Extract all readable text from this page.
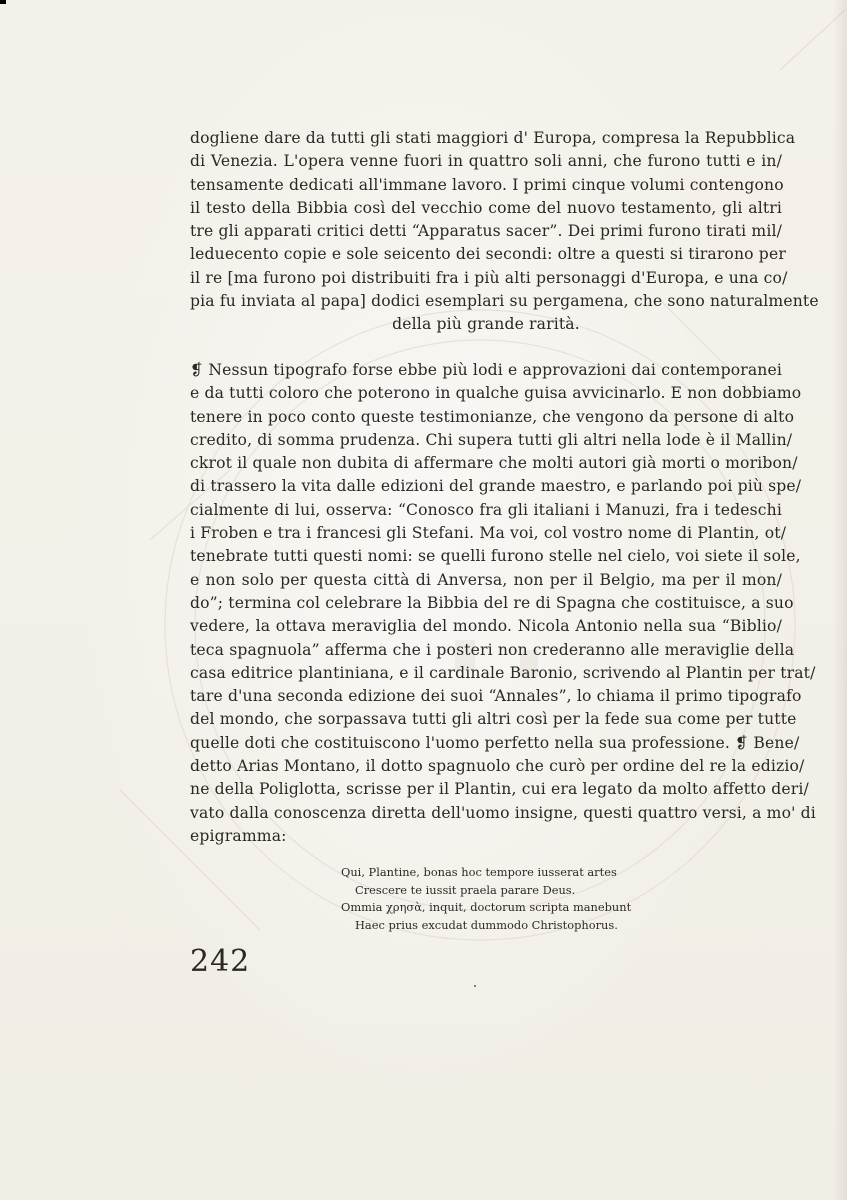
dogliene dare da tutti gli stati maggiori d' Europa, compresa la Repubblica
di Venezia. L'opera venne fuori in quattro soli anni, che furono tutti e in/
tensamente dedicati all'immane lavoro. I primi cinque volumi contengono
il testo della Bibbia così del vecchio come del nuovo testamento, gli altri
tre gli apparati critici detti “Apparatus sacer”. Dei primi furono tirati mil/
leduecento copie e sole seicento dei secondi: oltre a questi si tirarono per
il re [ma furono poi distribuiti fra i più alti personaggi d'Europa, e una co/
pia fu inviata al papa] dodici esemplari su pergamena, che sono naturalmente
della più grande rarità.
❡ Nessun tipografo forse ebbe più lodi e approvazioni dai contemporanei
e da tutti coloro che poterono in qualche guisa avvicinarlo. E non dobbiamo
tenere in poco conto queste testimonianze, che vengono da persone di alto
credito, di somma prudenza. Chi supera tutti gli altri nella lode è il Mallin/
ckrot il quale non dubita di affermare che molti autori già morti o moribon/
di trassero la vita dalle edizioni del grande maestro, e parlando poi più spe/
cialmente di lui, osserva: “Conosco fra gli italiani i Manuzi, fra i tedeschi
i Froben e tra i francesi gli Stefani. Ma voi, col vostro nome di Plantin, ot/
tenebrate tutti questi nomi: se quelli furono stelle nel cielo, voi siete il sole,
e non solo per questa città di Anversa, non per il Belgio, ma per il mon/
do”; termina col celebrare la Bibbia del re di Spagna che costituisce, a suo
vedere, la ottava meraviglia del mondo. Nicola Antonio nella sua “Biblio/
teca spagnuola” afferma che i posteri non crederanno alle meraviglie della
casa editrice plantiniana, e il cardinale Baronio, scrivendo al Plantin per trat/
tare d'una seconda edizione dei suoi “Annales”, lo chiama il primo tipografo
del mondo, che sorpassava tutti gli altri così per la fede sua come per tutte
quelle doti che costituiscono l'uomo perfetto nella sua professione. ❡ Bene/
detto Arias Montano, il dotto spagnuolo che curò per ordine del re la edizio/
ne della Poliglotta, scrisse per il Plantin, cui era legato da molto affetto deri/
vato dalla conoscenza diretta dell'uomo insigne, questi quattro versi, a mo' di
epigramma:
Qui, Plantine, bonas hoc tempore iusserat artes
Crescere te iussit praela parare Deus.
Ommia χρησὰ, inquit, doctorum scripta manebunt
Haec prius excudat dummodo Christophorus.
242
